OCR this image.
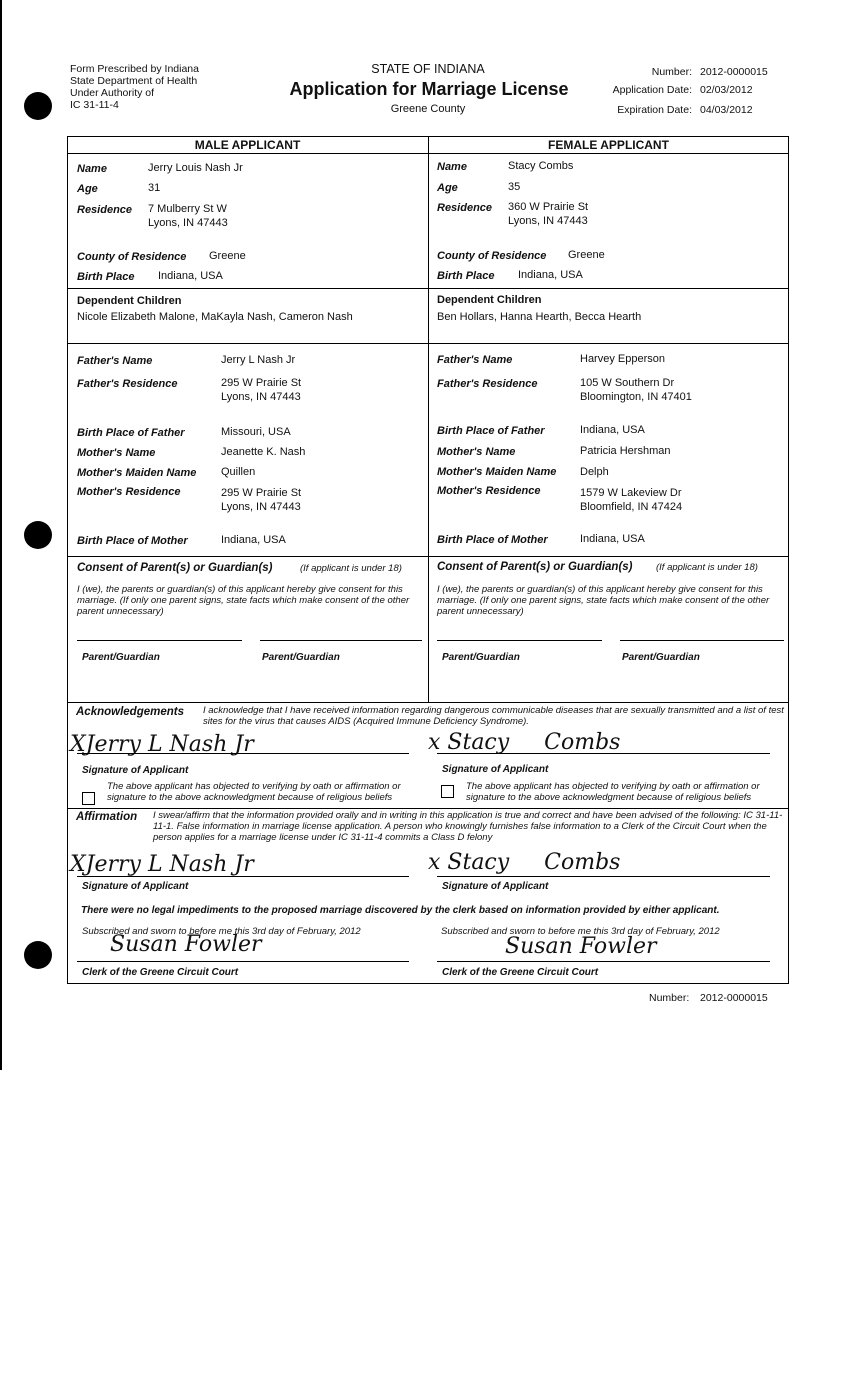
Form Prescribed by Indiana
State Department of Health
Under Authority of
IC 31-11-4
STATE OF INDIANA
Application for Marriage License
Greene County
Number: 2012-0000015
Application Date: 02/03/2012
Expiration Date: 04/03/2012
MALE APPLICANT	FEMALE APPLICANT
Name	Jerry Louis Nash Jr
Age	31
Residence 7 Mulberry St W
Lyons, IN 47443
County of Residence Greene
Birth Place Indiana, USA
Dependent Children
Nicole Elizabeth Malone, MaKayla Nash, Cameron Nash
Father's Name	Jerry L Nash Jr
Father's Residence	295 W Prairie St
Lyons, IN 47443
Birth Place of Father	Missouri, USA
Mother's Name	Jeanette K. Nash
Mother's Maiden Name Quillen
Mother's Residence	295 W Prairie St
Lyons, IN 47443
Birth Place of Mother	Indiana, USA
Consent of Parent(s) or Guardian(s)	(If applicant is under 18)
I (we), the parents or guardian(s) of this applicant hereby give consent for this marriage. (If only one parent signs, state facts which make consent of the other parent unnecessary)
Parent/Guardian	Parent/Guardian
Name	Stacy Combs
Age	35
Residence 360 W Prairie St
Lyons, IN 47443
County of Residence Greene
Birth Place Indiana, USA
Dependent Children
Ben Hollars, Hanna Hearth, Becca Hearth
Father's Name	Harvey Epperson
Father's Residence	105 W Southern Dr
Bloomington, IN 47401
Birth Place of Father	Indiana, USA
Mother's Name	Patricia Hershman
Mother's Maiden Name Delph
Mother's Residence	1579 W Lakeview Dr
Bloomfield, IN 47424
Birth Place of Mother	Indiana, USA
Consent of Parent(s) or Guardian(s) (If applicant is under 18)
I (we), the parents or guardian(s) of this applicant hereby give consent for this marriage. (If only one parent signs, state facts which make consent of the other parent unnecessary)
Parent/Guardian	Parent/Guardian
Acknowledgements I acknowledge that I have received information regarding dangerous communicable diseases that are sexually transmitted and a list of test sites for the virus that causes AIDS (Acquired Immune Deficiency Syndrome).
XJerry L Nash Jr
Signature of Applicant
x Stacy     Combs
Signature of Applicant
The above applicant has objected to verifying by oath or affirmation or signature to the above acknowledgment because of religious beliefs
The above applicant has objected to verifying by oath or affirmation or signature to the above acknowledgment because of religious beliefs
Affirmation I swear/affirm that the information provided orally and in writing in this application is true and correct and have been advised of the following: IC 31-11-11-1. False information in marriage license application. A person who knowingly furnishes false information to a Clerk of the Circuit Court when the person applies for a marriage license under IC 31-11-4 commits a Class D felony
XJerry L Nash Jr
Signature of Applicant
x Stacy     Combs
Signature of Applicant
There were no legal impediments to the proposed marriage discovered by the clerk based on information provided by either applicant.
Subscribed and sworn to before me this 3rd day of February, 2012	Subscribed and sworn to before me this 3rd day of February, 2012
Susan Fowler	Susan Fowler
Clerk of the Greene Circuit Court	Clerk of the Greene Circuit Court
Number: 2012-0000015
